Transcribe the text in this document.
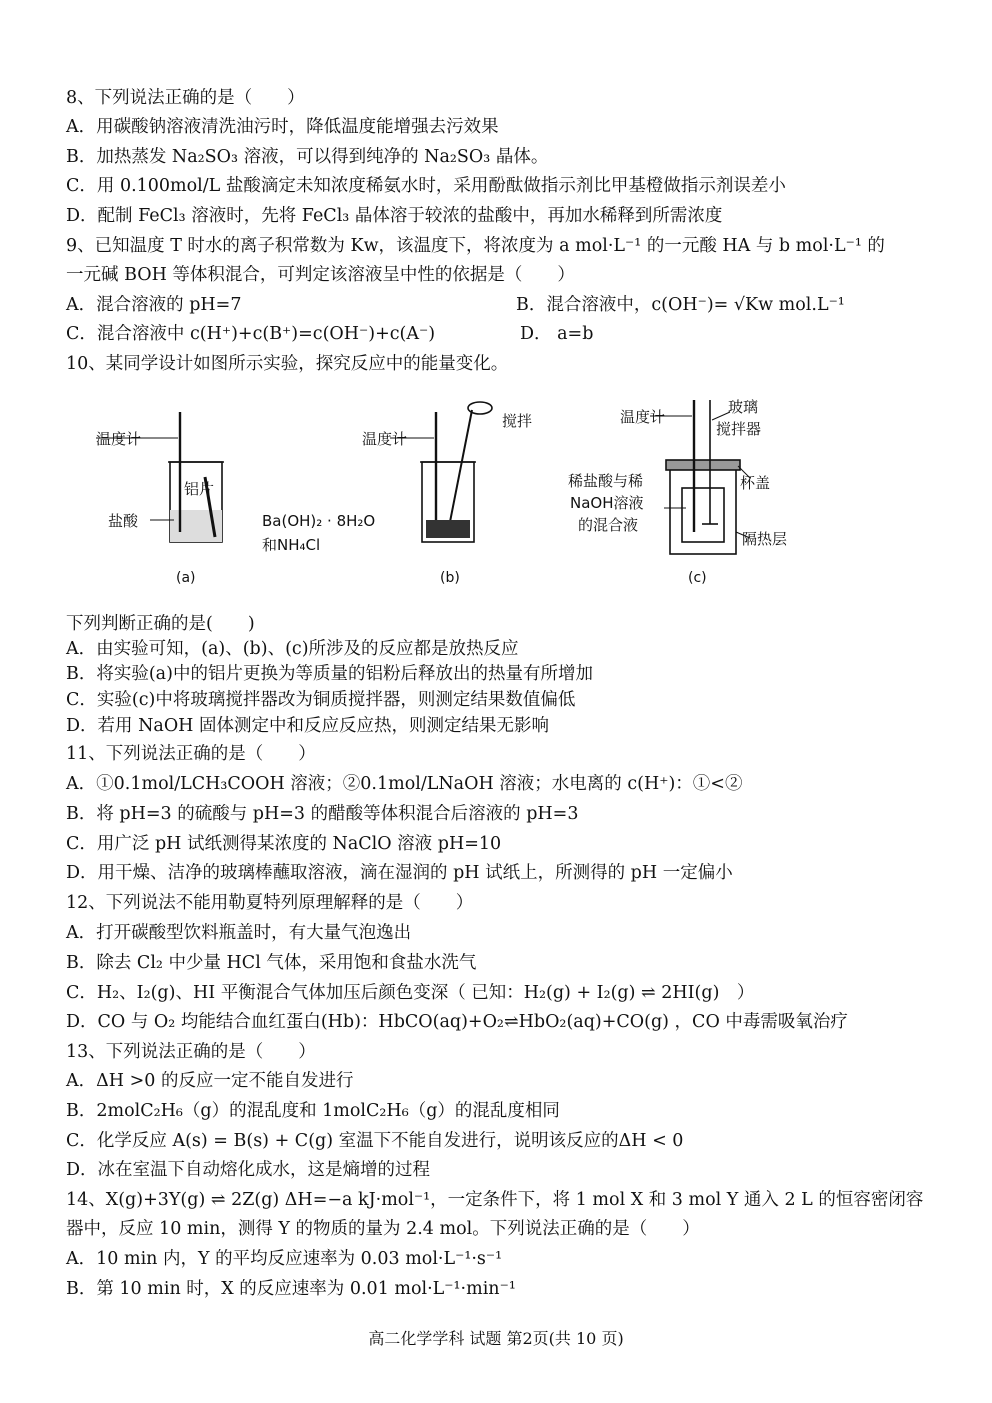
8、下列说法正确的是（　　）
A．用碳酸钠溶液清洗油污时，降低温度能增强去污效果
B．加热蒸发 Na₂SO₃ 溶液，可以得到纯净的 Na₂SO₃ 晶体。
C．用 0.100mol/L 盐酸滴定未知浓度稀氨水时，采用酚酞做指示剂比甲基橙做指示剂误差小
D．配制 FeCl₃ 溶液时，先将 FeCl₃ 晶体溶于较浓的盐酸中，再加水稀释到所需浓度
9、已知温度 T 时水的离子积常数为 Kw，该温度下，将浓度为 a mol·L⁻¹ 的一元酸 HA 与 b mol·L⁻¹ 的
一元碱 BOH 等体积混合，可判定该溶液呈中性的依据是（　　）
A．混合溶液的 pH=7	B．混合溶液中，c(OH⁻)= √Kw mol.L⁻¹
C．混合溶液中 c(H⁺)+c(B⁺)=c(OH⁻)+c(A⁻)	D． a=b
10、某同学设计如图所示实验，探究反应中的能量变化。
温度计
铝片
盐酸
(a)
温度计
搅拌
Ba(OH)₂ · 8H₂O
和NH₄Cl
(b)
温度计
玻璃
搅拌器
稀盐酸与稀
NaOH溶液
的混合液
杯盖
隔热层
(c)
下列判断正确的是(　　)
A．由实验可知，(a)、(b)、(c)所涉及的反应都是放热反应
B．将实验(a)中的铝片更换为等质量的铝粉后释放出的热量有所增加
C．实验(c)中将玻璃搅拌器改为铜质搅拌器，则测定结果数值偏低
D．若用 NaOH 固体测定中和反应反应热，则测定结果无影响
11、下列说法正确的是（　　）
A．①0.1mol/LCH₃COOH 溶液；②0.1mol/LNaOH 溶液；水电离的 c(H⁺)：①<②
B．将 pH=3 的硫酸与 pH=3 的醋酸等体积混合后溶液的 pH=3
C．用广泛 pH 试纸测得某浓度的 NaClO 溶液 pH=10
D．用干燥、洁净的玻璃棒蘸取溶液，滴在湿润的 pH 试纸上，所测得的 pH 一定偏小
12、下列说法不能用勒夏特列原理解释的是（　　）
A．打开碳酸型饮料瓶盖时，有大量气泡逸出
B．除去 Cl₂ 中少量 HCl 气体，采用饱和食盐水洗气
C．H₂、I₂(g)、HI 平衡混合气体加压后颜色变深（ 已知：H₂(g) + I₂(g) ⇌ 2HI(g)　）
D．CO 与 O₂ 均能结合血红蛋白(Hb)：HbCO(aq)+O₂⇌HbO₂(aq)+CO(g) ，CO 中毒需吸氧治疗
13、下列说法正确的是（　　）
A．ΔH >0 的反应一定不能自发进行
B．2molC₂H₆（g）的混乱度和 1molC₂H₆（g）的混乱度相同
C．化学反应 A(s) = B(s) + C(g) 室温下不能自发进行，说明该反应的ΔH < 0
D．冰在室温下自动熔化成水，这是熵增的过程
14、X(g)+3Y(g) ⇌ 2Z(g) ΔH=−a kJ·mol⁻¹，一定条件下，将 1 mol X 和 3 mol Y 通入 2 L 的恒容密闭容
器中，反应 10 min，测得 Y 的物质的量为 2.4 mol。下列说法正确的是（　　）
A．10 min 内，Y 的平均反应速率为 0.03 mol·L⁻¹·s⁻¹
B．第 10 min 时，X 的反应速率为 0.01 mol·L⁻¹·min⁻¹
高二化学学科 试题 第2页(共 10 页)
